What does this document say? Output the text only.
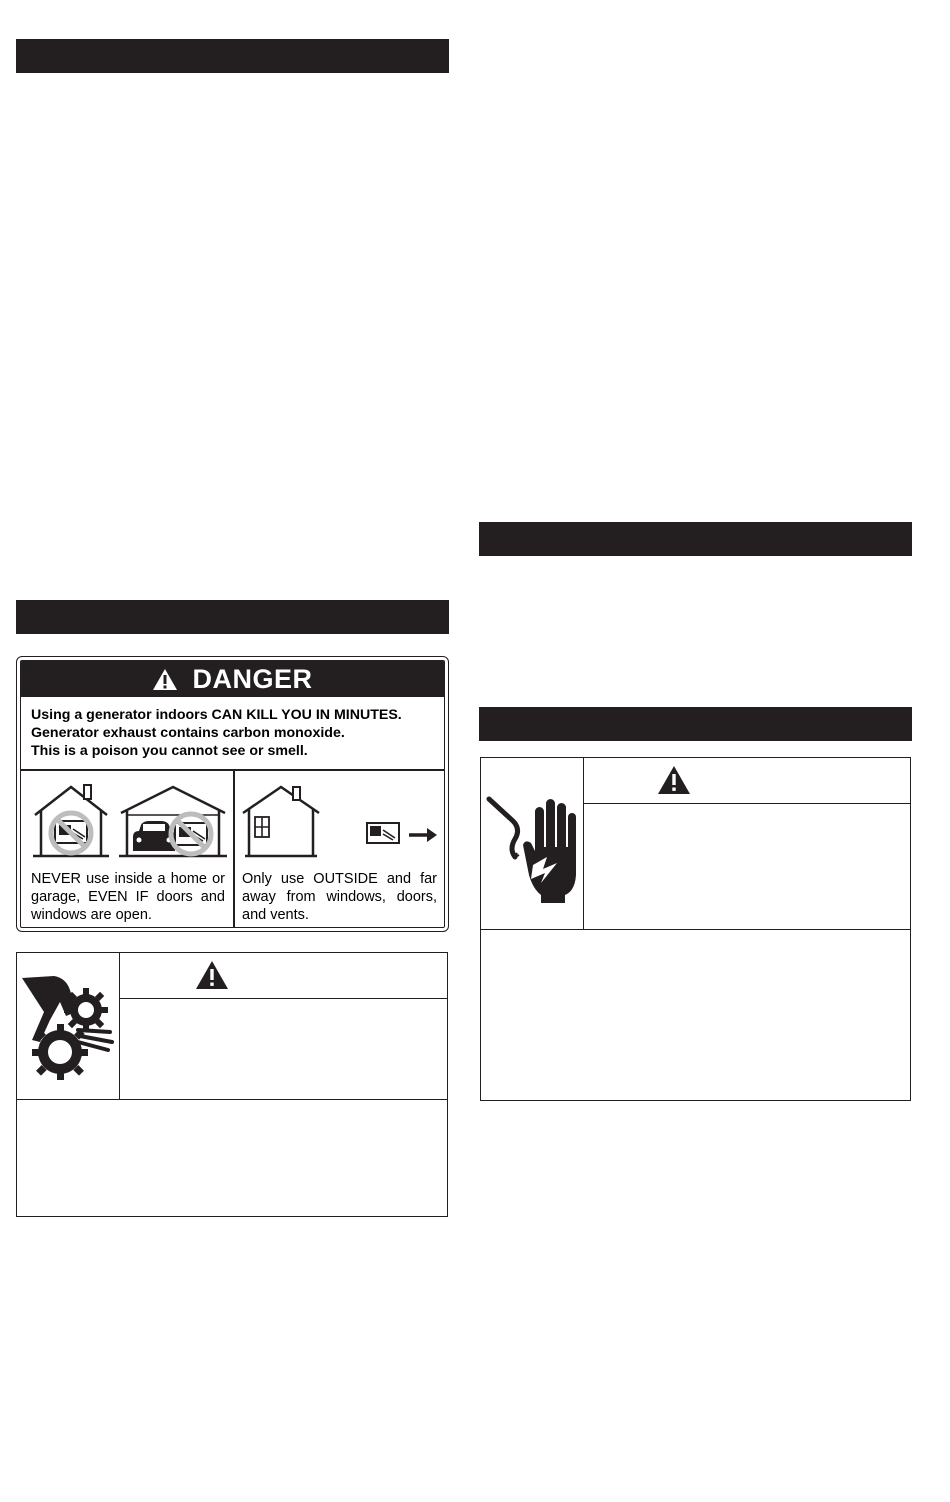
DANGER
Using a generator indoors CAN KILL YOU IN MINUTES.
Generator exhaust contains carbon monoxide.
This is a poison you cannot see or smell.
NEVER use inside a home or garage, EVEN IF doors and windows are open.
Only use OUTSIDE and far away from windows, doors, and vents.
